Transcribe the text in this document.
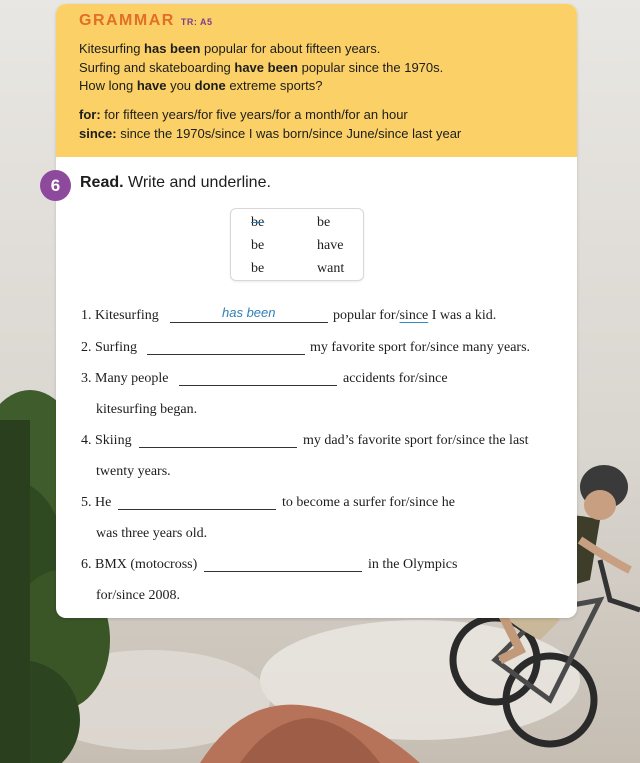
GRAMMAR TR: A5
Kitesurfing has been popular for about fifteen years.
Surfing and skateboarding have been popular since the 1970s.
How long have you done extreme sports?
for: for fifteen years/for five years/for a month/for an hour
since: since the 1970s/since I was born/since June/since last year
6	Read. Write and underline.
be	be
be	have
be	want
1. Kitesurfing	has been	popular for/since I was a kid.
2. Surfing	my favorite sport for/since many years.
3. Many people	accidents for/since
kitesurfing began.
4. Skiing	my dad’s favorite sport for/since the last
twenty years.
5. He	to become a surfer for/since he
was three years old.
6. BMX (motocross)	in the Olympics
for/since 2008.
